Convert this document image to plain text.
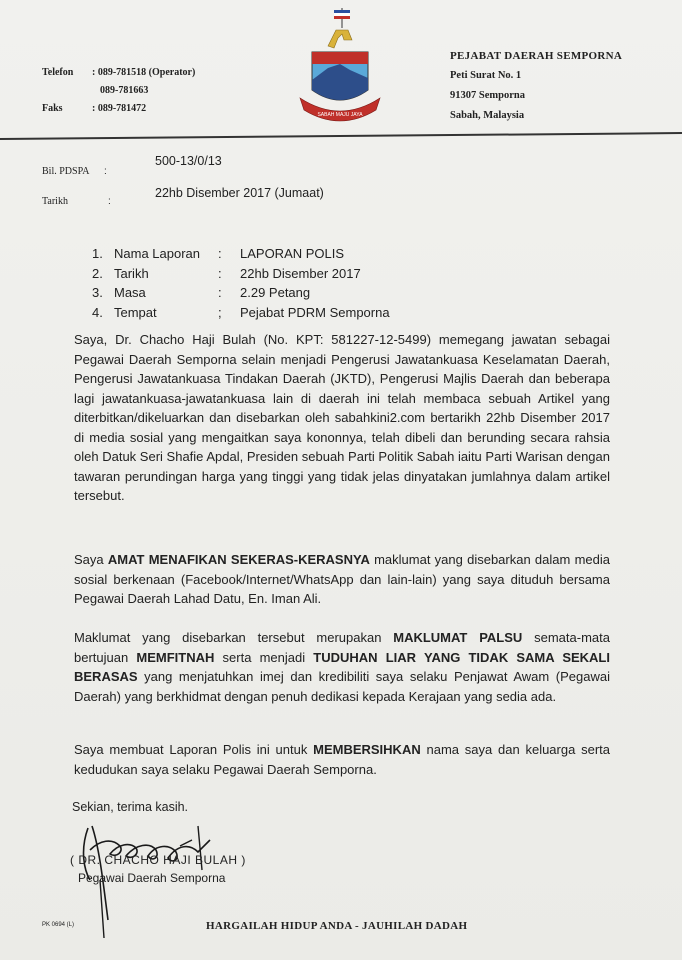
Telefon	: 089-781518 (Operator)
089-781663
Faks	: 089-781472
SABAH MAJU JAYA
PEJABAT DAERAH SEMPORNA
Peti Surat No. 1
91307 Semporna
Sabah, Malaysia
Bil. PDSPA :
500-13/0/13
Tarikh	:
22hb Disember 2017 (Jumaat)
1. Nama Laporan	:	LAPORAN POLIS
2. Tarikh	:	22hb Disember 2017
3. Masa	:	2.29 Petang
4. Tempat	;	Pejabat PDRM Semporna

Saya, Dr. Chacho Haji Bulah (No. KPT: 581227-12-5499) memegang jawatan sebagai Pegawai Daerah Semporna selain menjadi Pengerusi Jawatankuasa Keselamatan Daerah, Pengerusi Jawatankuasa Tindakan Daerah (JKTD), Pengerusi Majlis Daerah dan beberapa lagi jawatankuasa-jawatankuasa lain di daerah ini telah membaca sebuah Artikel yang diterbitkan/dikeluarkan dan disebarkan oleh sabahkini2.com bertarikh 22hb Disember 2017 di media sosial yang mengaitkan saya kononnya, telah dibeli dan berunding secara rahsia oleh Datuk Seri Shafie Apdal, Presiden sebuah Parti Politik Sabah iaitu Parti Warisan dengan tawaran perundingan harga yang tinggi yang tidak jelas dinyatakan jumlahnya dalam artikel tersebut.

Saya AMAT MENAFIKAN SEKERAS-KERASNYA maklumat yang disebarkan dalam media sosial berkenaan (Facebook/Internet/WhatsApp dan lain-lain) yang saya dituduh bersama Pegawai Daerah Lahad Datu, En. Iman Ali.

Maklumat yang disebarkan tersebut merupakan MAKLUMAT PALSU semata-mata bertujuan MEMFITNAH serta menjadi TUDUHAN LIAR YANG TIDAK SAMA SEKALI BERASAS yang menjatuhkan imej dan kredibiliti saya selaku Penjawat Awam (Pegawai Daerah) yang berkhidmat dengan penuh dedikasi kepada Kerajaan yang sedia ada.

Saya membuat Laporan Polis ini untuk MEMBERSIHKAN nama saya dan keluarga serta kedudukan saya selaku Pegawai Daerah Semporna.

Sekian, terima kasih.
( DR. CHACHO HAJI BULAH )
Pegawai Daerah Semporna
PK 0694 (L)	HARGAILAH HIDUP ANDA - JAUHILAH DADAH
